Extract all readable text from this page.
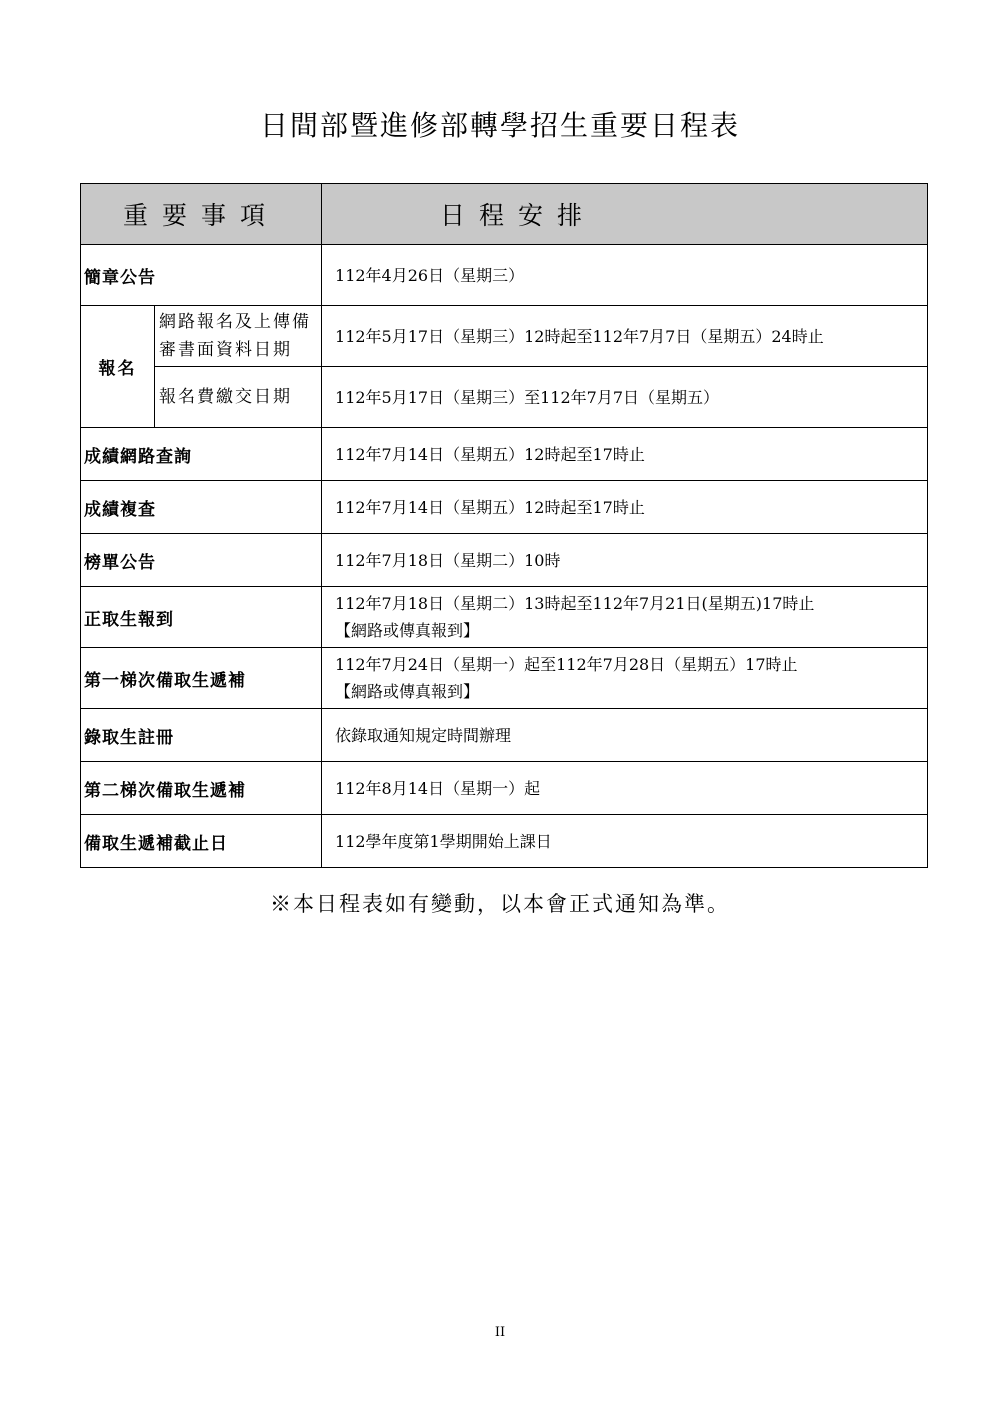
日間部暨進修部轉學招生重要日程表
重要事項		日程安排
簡章公告		112年4月26日（星期三）
報名	網路報名及上傳備審書面資料日期	112年5月17日（星期三）12時起至112年7月7日（星期五）24時止
	報名費繳交日期	112年5月17日（星期三）至112年7月7日（星期五）
成績網路查詢		112年7月14日（星期五）12時起至17時止
成績複查		112年7月14日（星期五）12時起至17時止
榜單公告		112年7月18日（星期二）10時
正取生報到		112年7月18日（星期二）13時起至112年7月21日(星期五)17時止
【網路或傳真報到】

第一梯次備取生遞補		112年7月24日（星期一）起至112年7月28日（星期五）17時止
【網路或傳真報到】

錄取生註冊		依錄取通知規定時間辦理
第二梯次備取生遞補		112年8月14日（星期一）起
備取生遞補截止日		112學年度第1學期開始上課日
※本日程表如有變動，以本會正式通知為準。
II
